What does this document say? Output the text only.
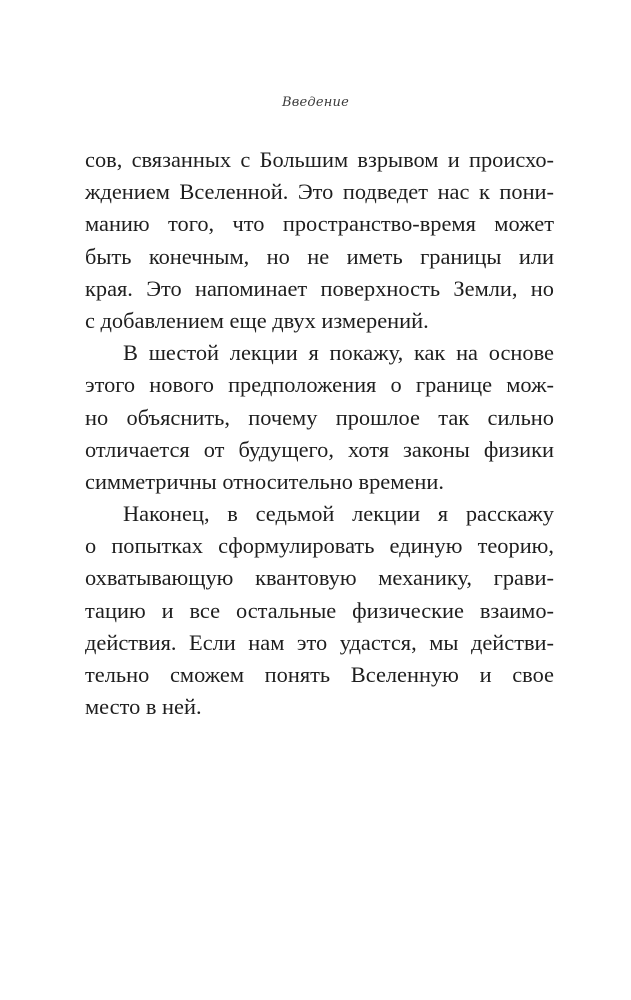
Введение
сов, связанных с Большим взрывом и происхо-
ждением Вселенной. Это подведет нас к пони-
манию того, что пространство-время может
быть конечным, но не иметь границы или
края. Это напоминает поверхность Земли, но
с добавлением еще двух измерений.
В шестой лекции я покажу, как на основе
этого нового предположения о границе мож-
но объяснить, почему прошлое так сильно
отличается от будущего, хотя законы физики
симметричны относительно времени.
Наконец, в седьмой лекции я расскажу
о попытках сформулировать единую теорию,
охватывающую квантовую механику, грави-
тацию и все остальные физические взаимо-
действия. Если нам это удастся, мы действи-
тельно сможем понять Вселенную и свое
место в ней.
